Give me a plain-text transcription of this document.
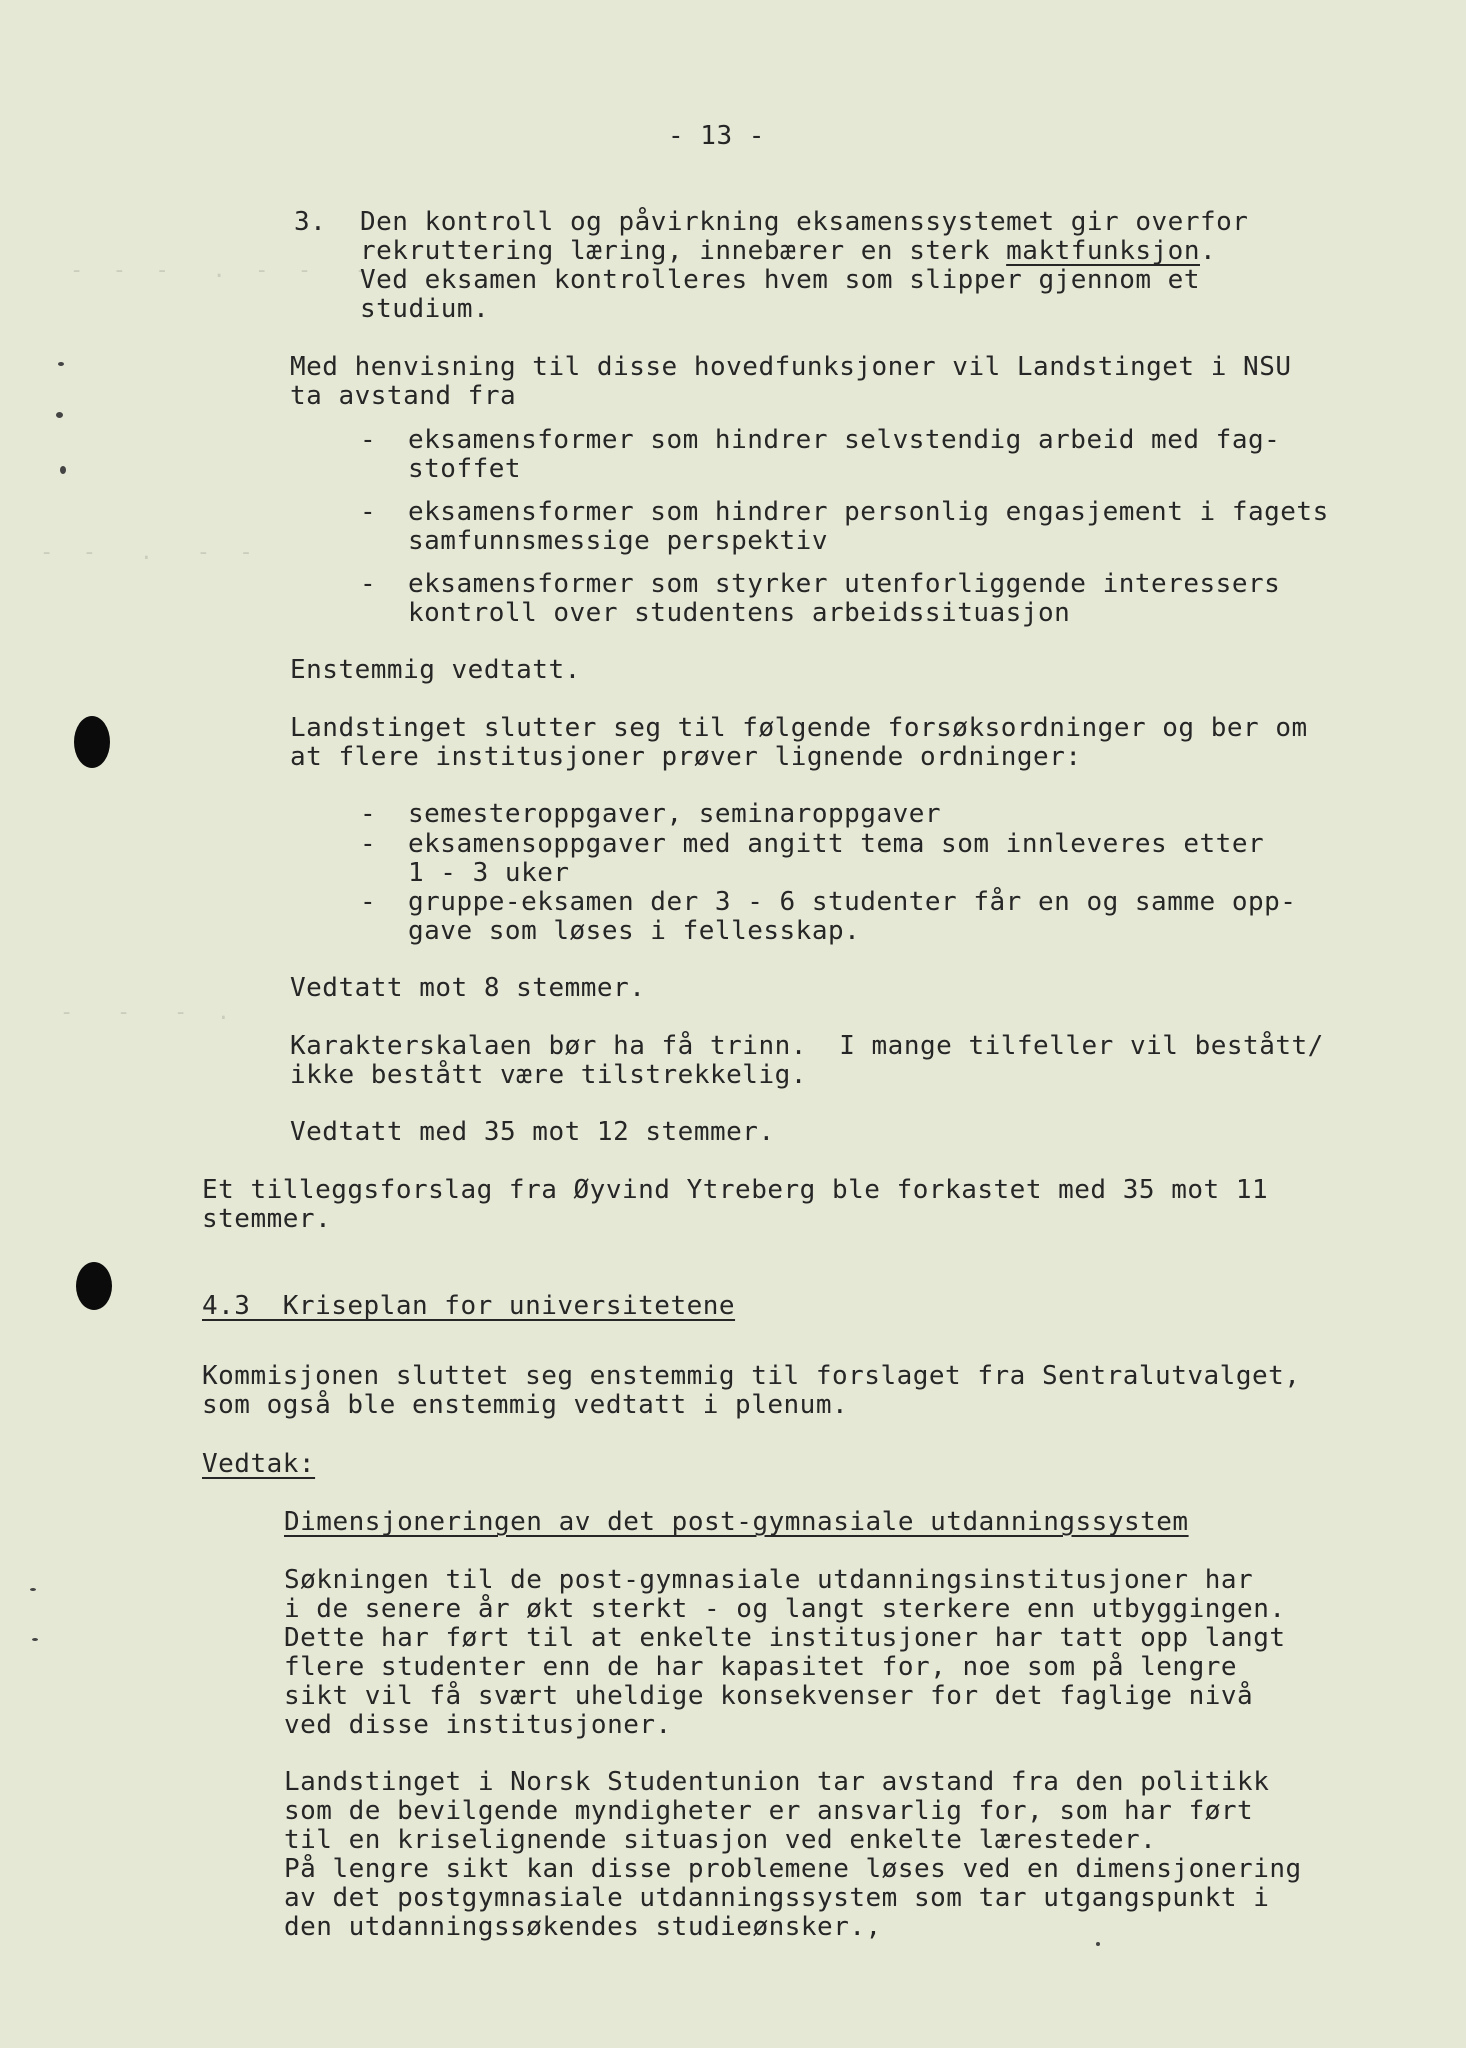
-  -  -   .  -  -   -
-  -   .   -  -
-   -   -  .
- 13 -
3. Den kontroll og påvirkning eksamenssystemet gir overfor
rekruttering læring, innebærer en sterk maktfunksjon.
Ved eksamen kontrolleres hvem som slipper gjennom et
studium.
Med henvisning til disse hovedfunksjoner vil Landstinget i NSU
ta avstand fra
- eksamensformer som hindrer selvstendig arbeid med fag-
stoffet
- eksamensformer som hindrer personlig engasjement i fagets
samfunnsmessige perspektiv
- eksamensformer som styrker utenforliggende interessers
kontroll over studentens arbeidssituasjon
Enstemmig vedtatt.
Landstinget slutter seg til følgende forsøksordninger og ber om
at flere institusjoner prøver lignende ordninger:
- semesteroppgaver, seminaroppgaver
- eksamensoppgaver med angitt tema som innleveres etter
1 - 3 uker
- gruppe-eksamen der 3 - 6 studenter får en og samme opp-
gave som løses i fellesskap.
Vedtatt mot 8 stemmer.
Karakterskalaen bør ha få trinn.  I mange tilfeller vil bestått/
ikke bestått være tilstrekkelig.
Vedtatt med 35 mot 12 stemmer.
Et tilleggsforslag fra Øyvind Ytreberg ble forkastet med 35 mot 11
stemmer.
4.3  Kriseplan for universitetene
Kommisjonen sluttet seg enstemmig til forslaget fra Sentralutvalget,
som også ble enstemmig vedtatt i plenum.
Vedtak:
Dimensjoneringen av det post-gymnasiale utdanningssystem
Søkningen til de post-gymnasiale utdanningsinstitusjoner har
i de senere år økt sterkt - og langt sterkere enn utbyggingen.
Dette har ført til at enkelte institusjoner har tatt opp langt
flere studenter enn de har kapasitet for, noe som på lengre
sikt vil få svært uheldige konsekvenser for det faglige nivå
ved disse institusjoner.
Landstinget i Norsk Studentunion tar avstand fra den politikk
som de bevilgende myndigheter er ansvarlig for, som har ført
til en kriselignende situasjon ved enkelte læresteder.
På lengre sikt kan disse problemene løses ved en dimensjonering
av det postgymnasiale utdanningssystem som tar utgangspunkt i
den utdanningssøkendes studieønsker.,
